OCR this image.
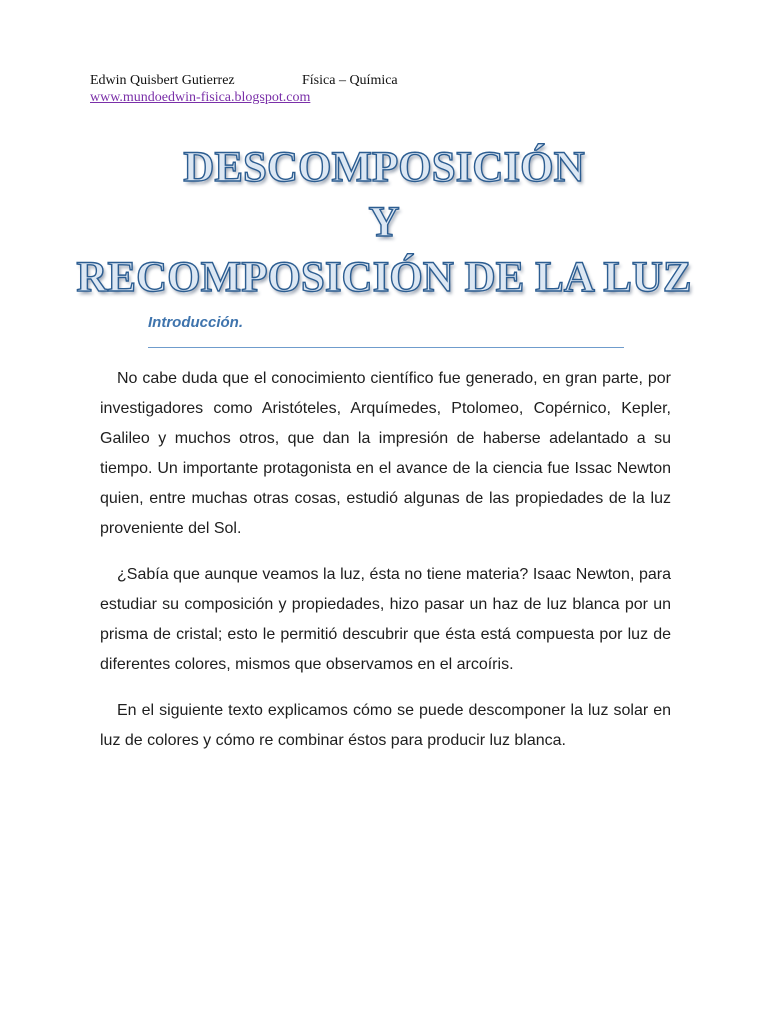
Edwin Quisbert Gutierrez	Física – Química
www.mundoedwin-fisica.blogspot.com
DESCOMPOSICIÓN
Y
RECOMPOSICIÓN DE LA LUZ
Introducción.

No cabe duda que el conocimiento científico fue generado, en gran parte, por investigadores como Aristóteles, Arquímedes, Ptolomeo, Copérnico, Kepler, Galileo y muchos otros, que dan la impresión de haberse adelantado a su tiempo. Un importante protagonista en el avance de la ciencia fue Issac Newton quien, entre muchas otras cosas, estudió algunas de las propiedades de la luz proveniente del Sol.

¿Sabía que aunque veamos la luz, ésta no tiene materia? Isaac Newton, para estudiar su composición y propiedades, hizo pasar un haz de luz blanca por un prisma de cristal; esto le permitió descubrir que ésta está compuesta por luz de diferentes colores, mismos que observamos en el arcoíris.

En el siguiente texto explicamos cómo se puede descomponer la luz solar en luz de colores y cómo re combinar éstos para producir luz blanca.
